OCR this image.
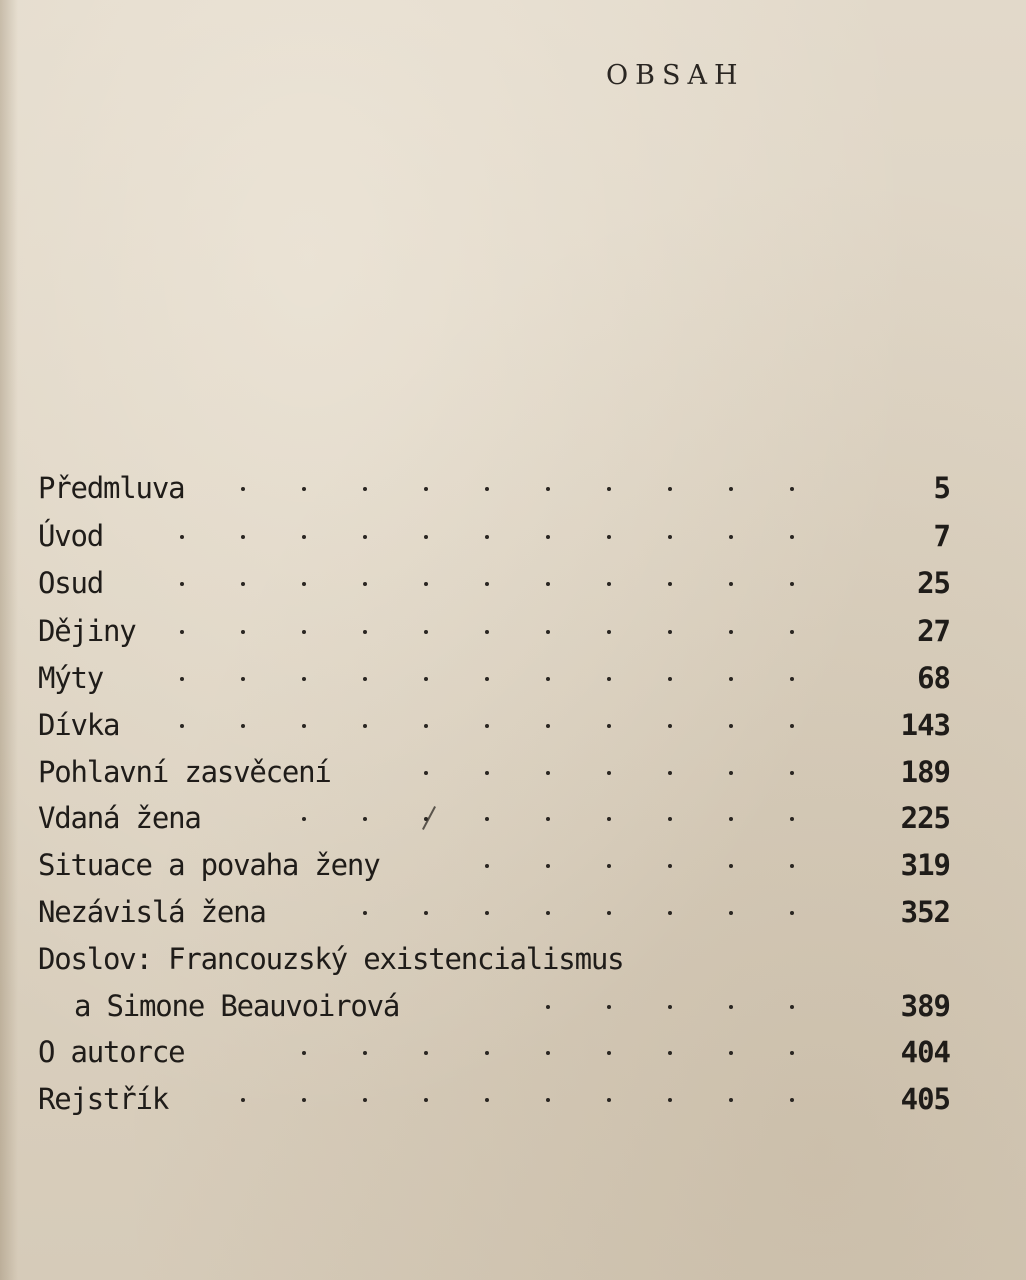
OBSAH
Předmluva	5
Úvod	7
Osud	25
Dějiny	27
Mýty	68
Dívka	143
Pohlavní zasvěcení	189
Vdaná žena	225
Situace a povaha ženy	319
Nezávislá žena	352
Doslov: Francouzský existencialismus
a Simone Beauvoirová	389
O autorce	404
Rejstřík	405
